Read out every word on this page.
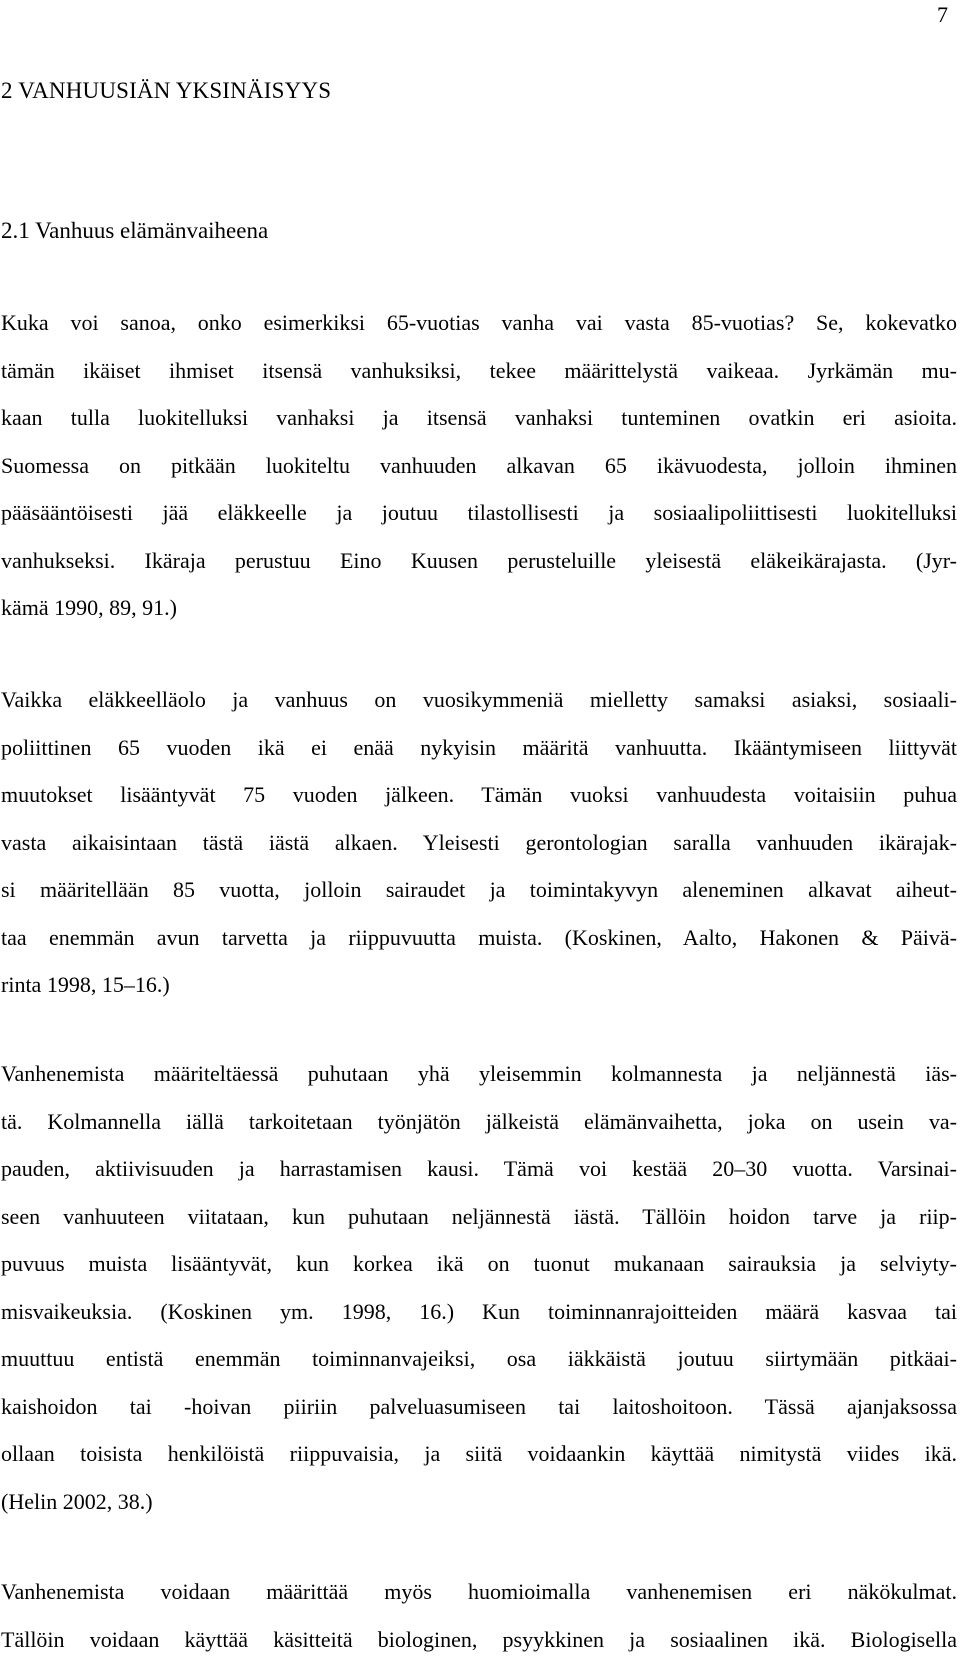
7
2 VANHUUSIÄN YKSINÄISYYS
2.1 Vanhuus elämänvaiheena
Kuka voi sanoa, onko esimerkiksi 65-vuotias vanha vai vasta 85-vuotias? Se, kokevatko
tämän ikäiset ihmiset itsensä vanhuksiksi, tekee määrittelystä vaikeaa. Jyrkämän mu-
kaan tulla luokitelluksi vanhaksi ja itsensä vanhaksi tunteminen ovatkin eri asioita.
Suomessa on pitkään luokiteltu vanhuuden alkavan 65 ikävuodesta, jolloin ihminen
pääsääntöisesti jää eläkkeelle ja joutuu tilastollisesti ja sosiaalipoliittisesti luokitelluksi
vanhukseksi. Ikäraja perustuu Eino Kuusen perusteluille yleisestä eläkeikärajasta. (Jyr-
kämä 1990, 89, 91.)
Vaikka eläkkeelläolo ja vanhuus on vuosikymmeniä mielletty samaksi asiaksi, sosiaali-
poliittinen 65 vuoden ikä ei enää nykyisin määritä vanhuutta. Ikääntymiseen liittyvät
muutokset lisääntyvät 75 vuoden jälkeen. Tämän vuoksi vanhuudesta voitaisiin puhua
vasta aikaisintaan tästä iästä alkaen. Yleisesti gerontologian saralla vanhuuden ikärajak-
si määritellään 85 vuotta, jolloin sairaudet ja toimintakyvyn aleneminen alkavat aiheut-
taa enemmän avun tarvetta ja riippuvuutta muista. (Koskinen, Aalto, Hakonen & Päivä-
rinta 1998, 15–16.)
Vanhenemista määriteltäessä puhutaan yhä yleisemmin kolmannesta ja neljännestä iäs-
tä. Kolmannella iällä tarkoitetaan työnjätön jälkeistä elämänvaihetta, joka on usein va-
pauden, aktiivisuuden ja harrastamisen kausi. Tämä voi kestää 20–30 vuotta. Varsinai-
seen vanhuuteen viitataan, kun puhutaan neljännestä iästä. Tällöin hoidon tarve ja riip-
puvuus muista lisääntyvät, kun korkea ikä on tuonut mukanaan sairauksia ja selviyty-
misvaikeuksia. (Koskinen ym. 1998, 16.) Kun toiminnanrajoitteiden määrä kasvaa tai
muuttuu entistä enemmän toiminnanvajeiksi, osa iäkkäistä joutuu siirtymään pitkäai-
kaishoidon tai -hoivan piiriin palveluasumiseen tai laitoshoitoon. Tässä ajanjaksossa
ollaan toisista henkilöistä riippuvaisia, ja siitä voidaankin käyttää nimitystä viides ikä.
(Helin 2002, 38.)
Vanhenemista voidaan määrittää myös huomioimalla vanhenemisen eri näkökulmat.
Tällöin voidaan käyttää käsitteitä biologinen, psyykkinen ja sosiaalinen ikä. Biologisella
